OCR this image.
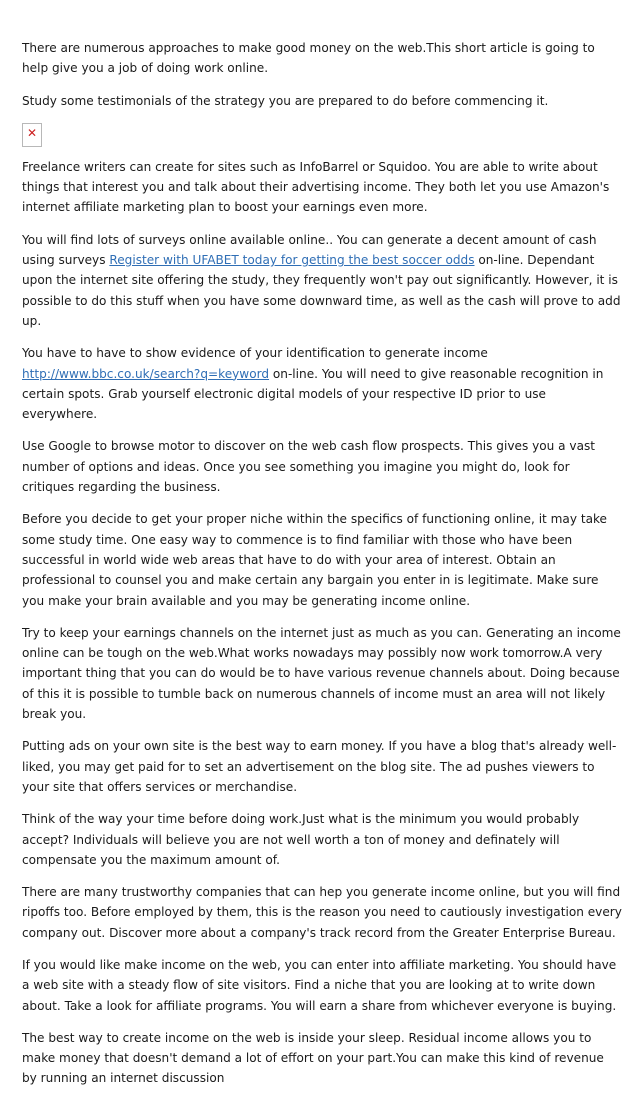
There are numerous approaches to make good money on the web.This short article is going to help give you a job of doing work online.

Study some testimonials of the strategy you are prepared to do before commencing it.

✕

Freelance writers can create for sites such as InfoBarrel or Squidoo. You are able to write about things that interest you and talk about their advertising income. They both let you use Amazon's internet affiliate marketing plan to boost your earnings even more.

You will find lots of surveys online available online.. You can generate a decent amount of cash using surveys Register with UFABET today for getting the best soccer odds on-line. Dependant upon the internet site offering the study, they frequently won't pay out significantly. However, it is possible to do this stuff when you have some downward time, as well as the cash will prove to add up.

You have to have to show evidence of your identification to generate income http://www.bbc.co.uk/search?q=keyword on-line. You will need to give reasonable recognition in certain spots. Grab yourself electronic digital models of your respective ID prior to use everywhere.

Use Google to browse motor to discover on the web cash flow prospects. This gives you a vast number of options and ideas. Once you see something you imagine you might do, look for critiques regarding the business.

Before you decide to get your proper niche within the specifics of functioning online, it may take some study time. One easy way to commence is to find familiar with those who have been successful in world wide web areas that have to do with your area of interest. Obtain an professional to counsel you and make certain any bargain you enter in is legitimate. Make sure you make your brain available and you may be generating income online.

Try to keep your earnings channels on the internet just as much as you can. Generating an income online can be tough on the web.What works nowadays may possibly now work tomorrow.A very important thing that you can do would be to have various revenue channels about. Doing because of this it is possible to tumble back on numerous channels of income must an area will not likely break you.

Putting ads on your own site is the best way to earn money. If you have a blog that's already well-liked, you may get paid for to set an advertisement on the blog site. The ad pushes viewers to your site that offers services or merchandise.

Think of the way your time before doing work.Just what is the minimum you would probably accept? Individuals will believe you are not well worth a ton of money and definately will compensate you the maximum amount of.

There are many trustworthy companies that can hep you generate income online, but you will find ripoffs too. Before employed by them, this is the reason you need to cautiously investigation every company out. Discover more about a company's track record from the Greater Enterprise Bureau.

If you would like make income on the web, you can enter into affiliate marketing. You should have a web site with a steady flow of site visitors. Find a niche that you are looking at to write down about. Take a look for affiliate programs. You will earn a share from whichever everyone is buying.

The best way to create income on the web is inside your sleep. Residual income allows you to make money that doesn't demand a lot of effort on your part.You can make this kind of revenue by running an internet discussion
